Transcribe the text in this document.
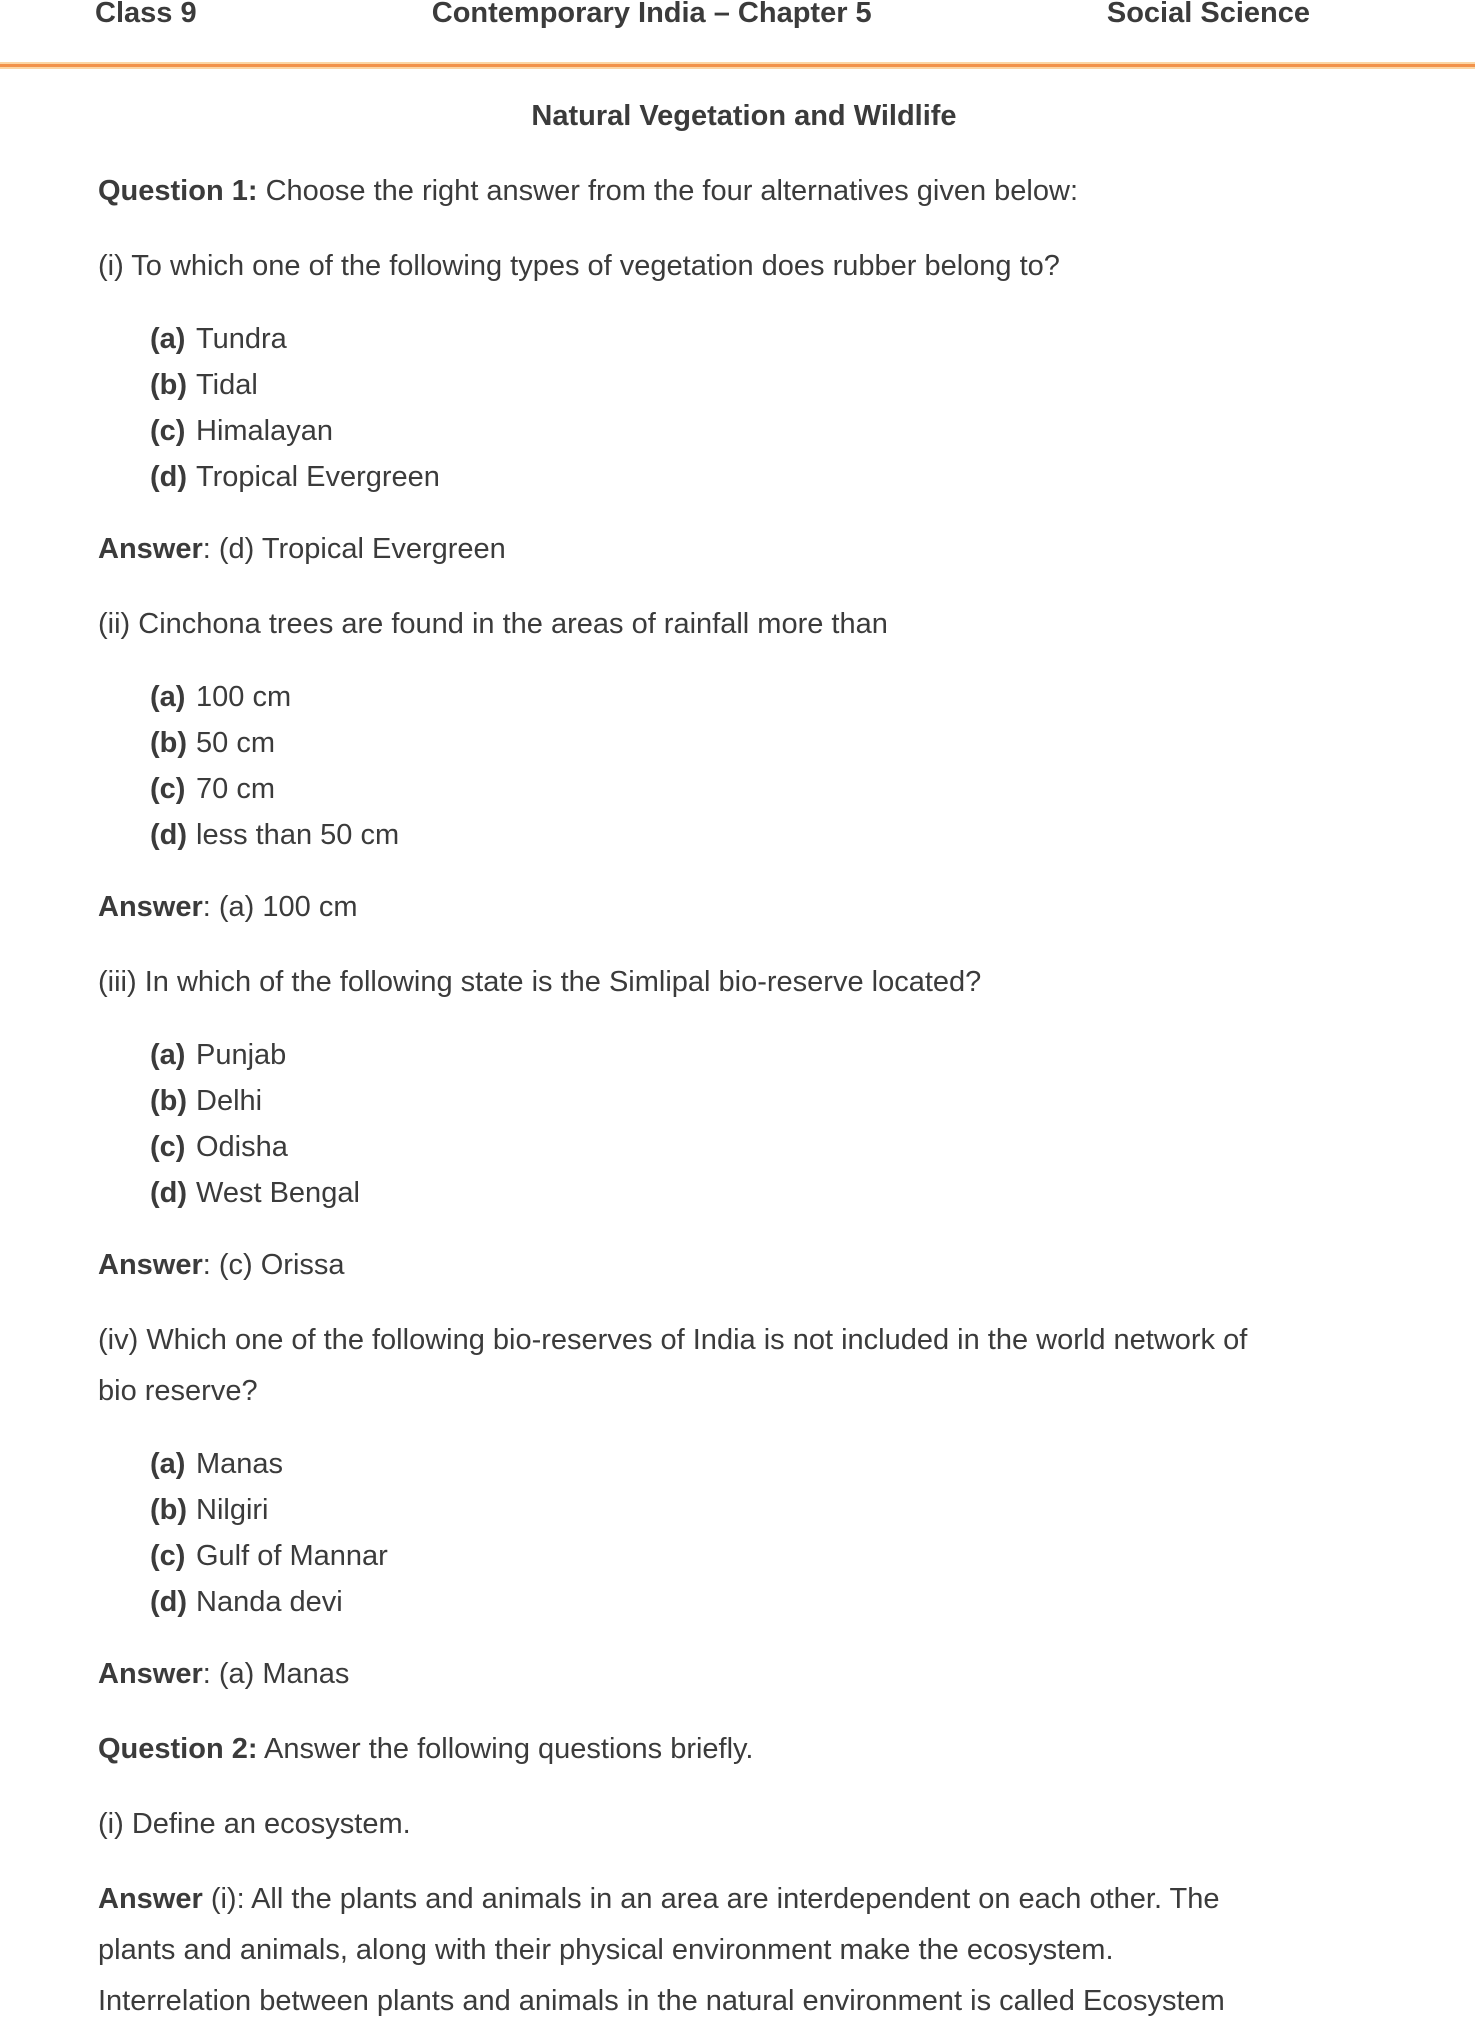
Class 9	Contemporary India – Chapter 5	Social Science
Natural Vegetation and Wildlife
Question 1: Choose the right answer from the four alternatives given below:
(i) To which one of the following types of vegetation does rubber belong to?
(a) Tundra
(b) Tidal
(c) Himalayan
(d) Tropical Evergreen
Answer: (d) Tropical Evergreen
(ii) Cinchona trees are found in the areas of rainfall more than
(a) 100 cm
(b) 50 cm
(c) 70 cm
(d) less than 50 cm
Answer: (a) 100 cm
(iii) In which of the following state is the Simlipal bio-reserve located?
(a) Punjab
(b) Delhi
(c) Odisha
(d) West Bengal
Answer: (c) Orissa
(iv) Which one of the following bio-reserves of India is not included in the world network of
bio reserve?
(a) Manas
(b) Nilgiri
(c) Gulf of Mannar
(d) Nanda devi
Answer: (a) Manas
Question 2: Answer the following questions briefly.
(i) Define an ecosystem.
Answer (i): All the plants and animals in an area are interdependent on each other. The
plants and animals, along with their physical environment make the ecosystem.
Interrelation between plants and animals in the natural environment is called Ecosystem
